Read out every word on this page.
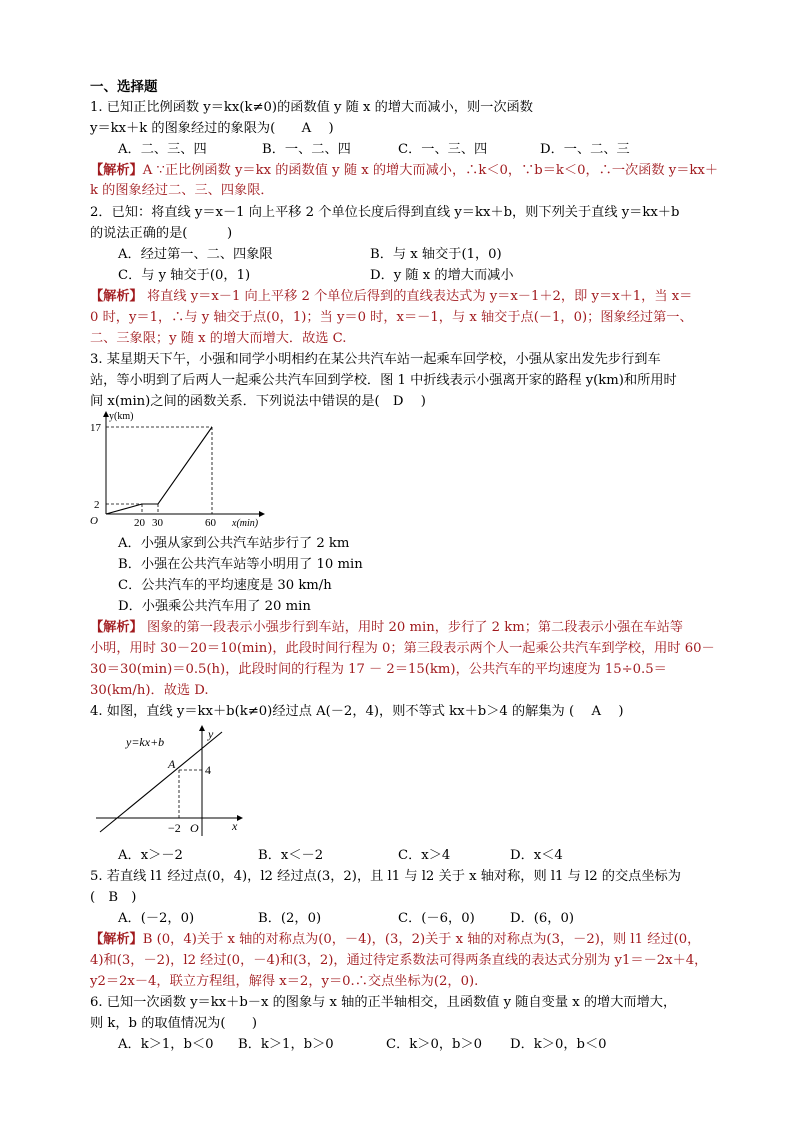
一、选择题
1. 已知正比例函数 y＝kx(k≠0)的函数值 y 随 x 的增大而减小，则一次函数
y＝kx＋k 的图象经过的象限为(　　A　 )
A．二、三、四	B．一、二、四	C．一、三、四	D．一、二、三
【解析】A ∵正比例函数 y＝kx 的函数值 y 随 x 的增大而减小，∴k＜0，∵b＝k＜0，∴一次函数 y＝kx＋
k 的图象经过二、三、四象限．
2．已知：将直线 y＝x－1 向上平移 2 个单位长度后得到直线 y＝kx＋b，则下列关于直线 y＝kx＋b
的说法正确的是(　　　)
A．经过第一、二、四象限	B．与 x 轴交于(1，0)
C．与 y 轴交于(0，1)	D．y 随 x 的增大而减小
【解析】 将直线 y＝x－1 向上平移 2 个单位后得到的直线表达式为 y＝x－1＋2，即 y＝x＋1，当 x＝
0 时，y＝1，∴与 y 轴交于点(0，1)；当 y＝0 时，x＝－1，与 x 轴交于点(－1，0)；图象经过第一、
二、三象限；y 随 x 的增大而增大．故选 C.
3. 某星期天下午，小强和同学小明相约在某公共汽车站一起乘车回学校，小强从家出发先步行到车
站，等小明到了后两人一起乘公共汽车回到学校．图 1 中折线表示小强离开家的路程 y(km)和所用时
间 x(min)之间的函数关系．下列说法中错误的是(　D　 )
y(km)
x(min)
O
17
2
20 30	60
A．小强从家到公共汽车站步行了 2 km
B．小强在公共汽车站等小明用了 10 min
C．公共汽车的平均速度是 30 km/h
D．小强乘公共汽车用了 20 min
【解析】 图象的第一段表示小强步行到车站，用时 20 min，步行了 2 km；第二段表示小强在车站等
小明，用时 30－20＝10(min)，此段时间行程为 0；第三段表示两个人一起乘公共汽车到学校，用时 60－
30＝30(min)＝0.5(h)，此段时间的行程为 17 － 2＝15(km)，公共汽车的平均速度为 15÷0.5＝
30(km/h)．故选 D.
4. 如图，直线 y＝kx＋b(k≠0)经过点 A(－2，4)，则不等式 kx＋b＞4 的解集为 (　 A　 )
y=kx+b
y
x
A 4
−2 O
A．x＞－2	B．x＜－2	C．x＞4	D．x＜4
5. 若直线 l1 经过点(0，4)，l2 经过点(3，2)，且 l1 与 l2 关于 x 轴对称，则 l1 与 l2 的交点坐标为
(　B　)
A．(－2，0)	B．(2，0)	C．(－6，0)	D．(6，0)
【解析】B (0，4)关于 x 轴的对称点为(0，－4)，(3，2)关于 x 轴的对称点为(3，－2)，则 l1 经过(0，
4)和(3，－2)，l2 经过(0，－4)和(3，2)，通过待定系数法可得两条直线的表达式分别为 y1＝－2x＋4，
y2＝2x－4，联立方程组，解得 x＝2，y＝0.∴交点坐标为(2，0).
6. 已知一次函数 y＝kx＋b－x 的图象与 x 轴的正半轴相交，且函数值 y 随自变量 x 的增大而增大，
则 k，b 的取值情况为(　　)
A．k＞1，b＜0 B．k＞1，b＞0	C．k＞0，b＞0 D．k＞0，b＜0
